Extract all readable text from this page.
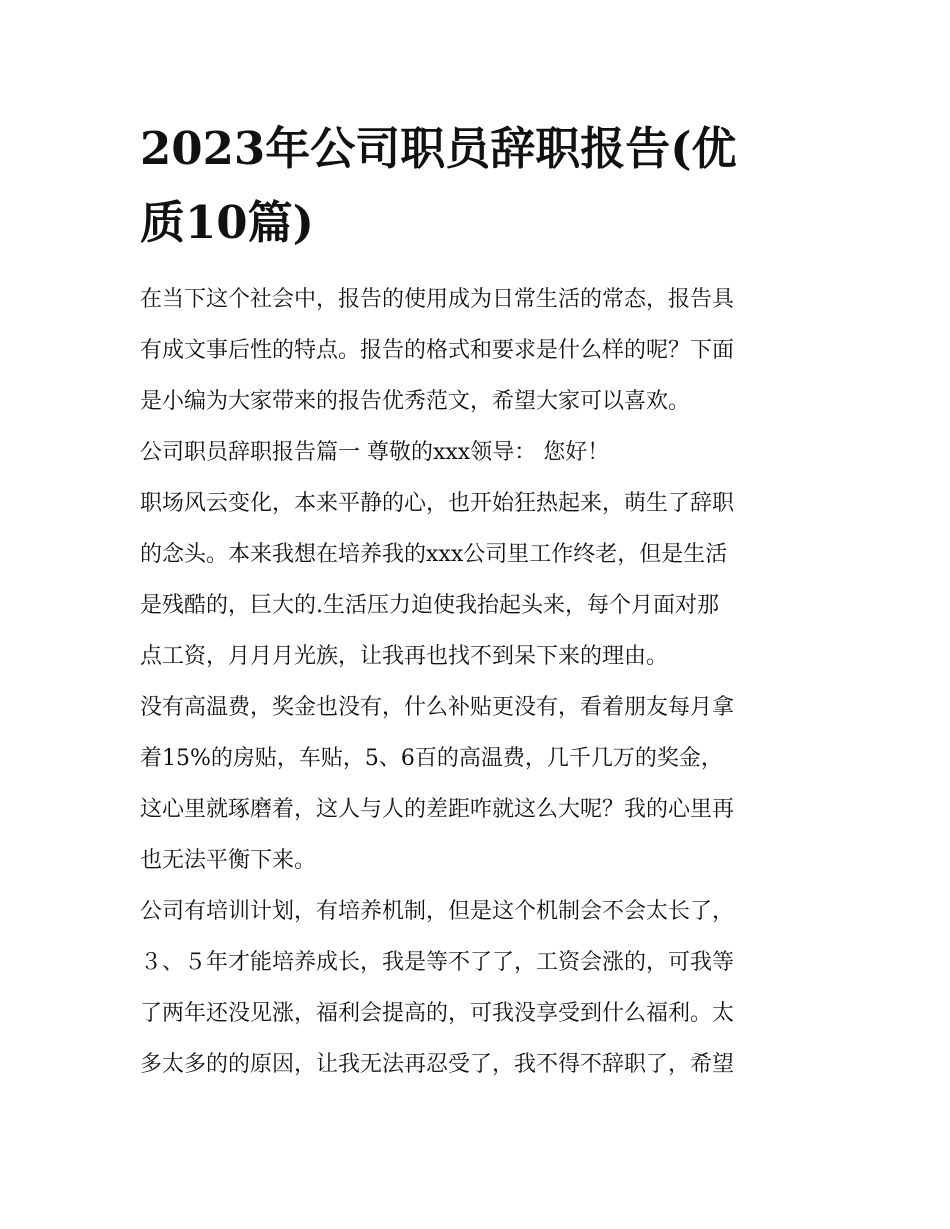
2023年公司职员辞职报告(优
质10篇)

在当下这个社会中，报告的使用成为日常生活的常态，报告具
有成文事后性的特点。报告的格式和要求是什么样的呢？下面
是小编为大家带来的报告优秀范文，希望大家可以喜欢。

公司职员辞职报告篇一 尊敬的xxx领导： 您好！

职场风云变化，本来平静的心，也开始狂热起来，萌生了辞职
的念头。本来我想在培养我的xxx公司里工作终老，但是生活
是残酷的，巨大的.生活压力迫使我抬起头来，每个月面对那
点工资，月月月光族，让我再也找不到呆下来的理由。

没有高温费，奖金也没有，什么补贴更没有，看着朋友每月拿
着15%的房贴，车贴，5、6百的高温费，几千几万的奖金，
这心里就琢磨着，这人与人的差距咋就这么大呢？我的心里再
也无法平衡下来。

公司有培训计划，有培养机制，但是这个机制会不会太长了，
３、５年才能培养成长，我是等不了了，工资会涨的，可我等
了两年还没见涨，福利会提高的，可我没享受到什么福利。太
多太多的的原因，让我无法再忍受了，我不得不辞职了，希望
